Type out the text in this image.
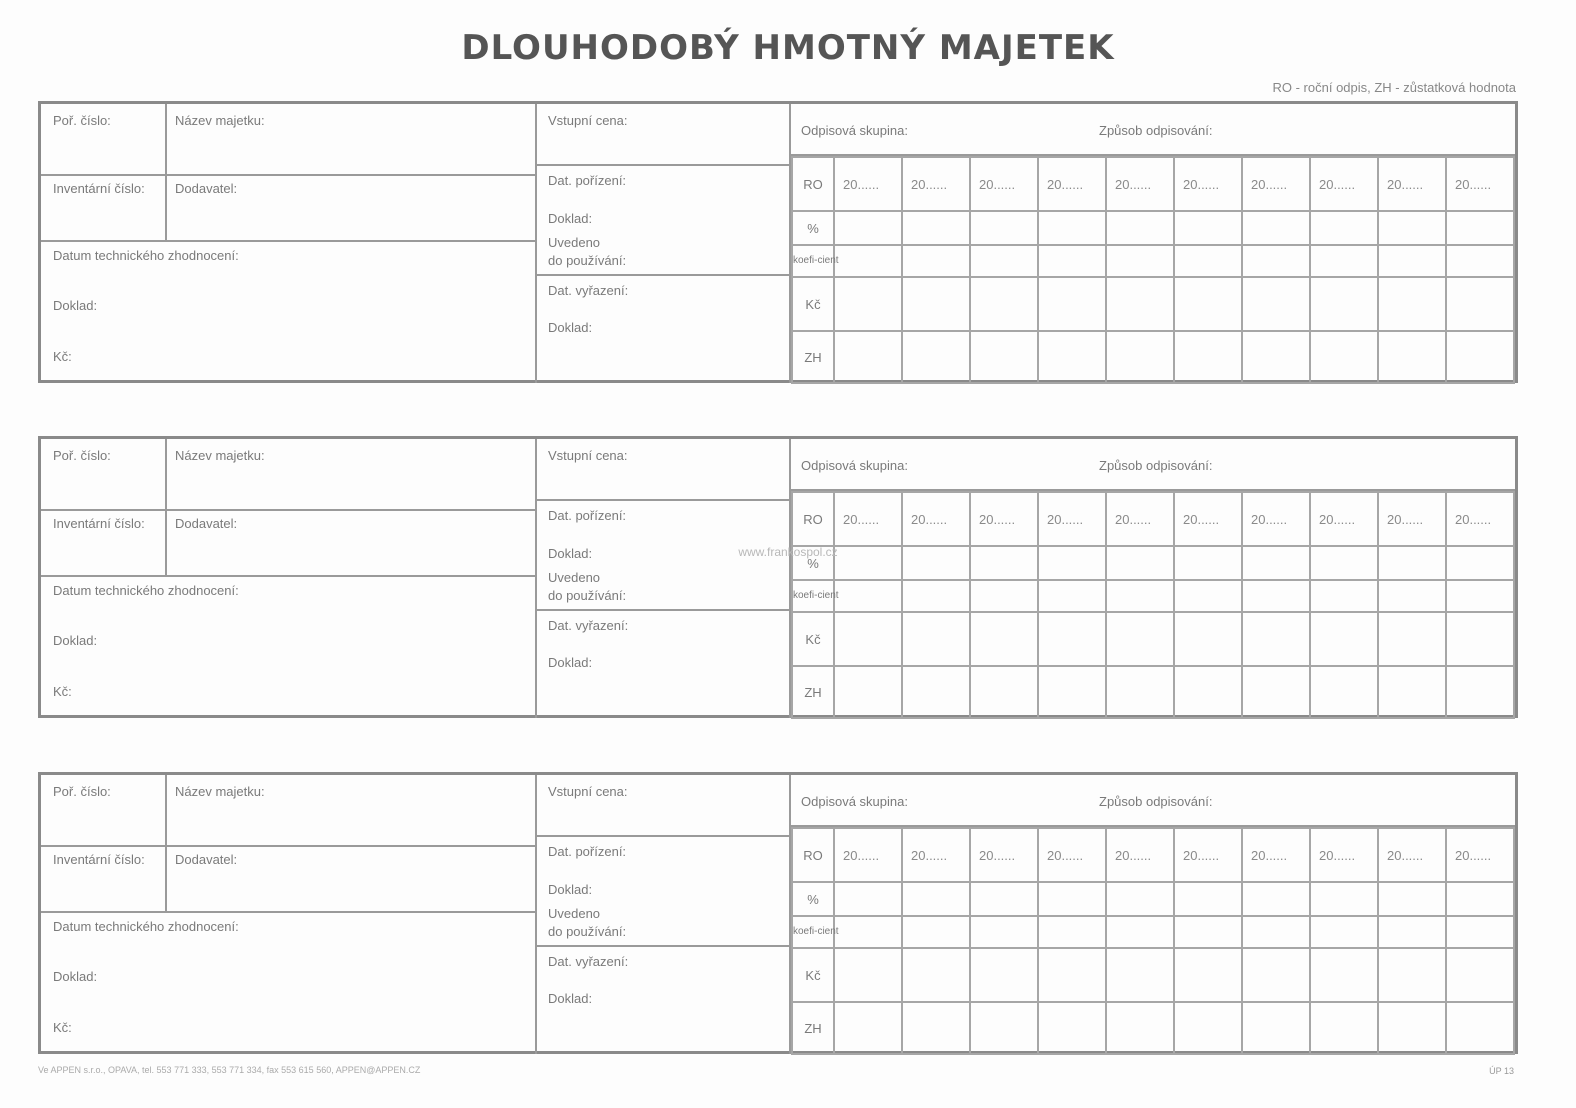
DLOUHODOBÝ HMOTNÝ MAJETEK
RO - roční odpis, ZH - zůstatková hodnota
Poř. číslo:	Název majetku:
Inventární číslo: Dodavatel:
Datum technického zhodnocení:
Doklad:
Kč:
Vstupní cena:
Dat. pořízení:
Doklad:
Uvedeno
do používání:
Dat. vyřazení:
Doklad:
Odpisová skupina:	Způsob odpisování:
RO	20......	20......	20......	20......	20......	20......	20......	20......	20......	20......
%										
koefi-cient										
Kč										
ZH										
Poř. číslo:	Název majetku:
Inventární číslo: Dodavatel:
Datum technického zhodnocení:
Doklad:
Kč:
Vstupní cena:
Dat. pořízení:
Doklad:
Uvedeno
do používání:
Dat. vyřazení:
Doklad:
Odpisová skupina:	Způsob odpisování:
RO	20......	20......	20......	20......	20......	20......	20......	20......	20......	20......
%										
koefi-cient										
Kč										
ZH										
Poř. číslo:	Název majetku:
Inventární číslo: Dodavatel:
Datum technického zhodnocení:
Doklad:
Kč:
Vstupní cena:
Dat. pořízení:
Doklad:
Uvedeno
do používání:
Dat. vyřazení:
Doklad:
Odpisová skupina:	Způsob odpisování:
RO	20......	20......	20......	20......	20......	20......	20......	20......	20......	20......
%										
koefi-cient										
Kč										
ZH										
www.frankospol.cz
Ve APPEN s.r.o., OPAVA, tel. 553 771 333, 553 771 334, fax 553 615 560, APPEN@APPEN.CZ	ÚP 13
